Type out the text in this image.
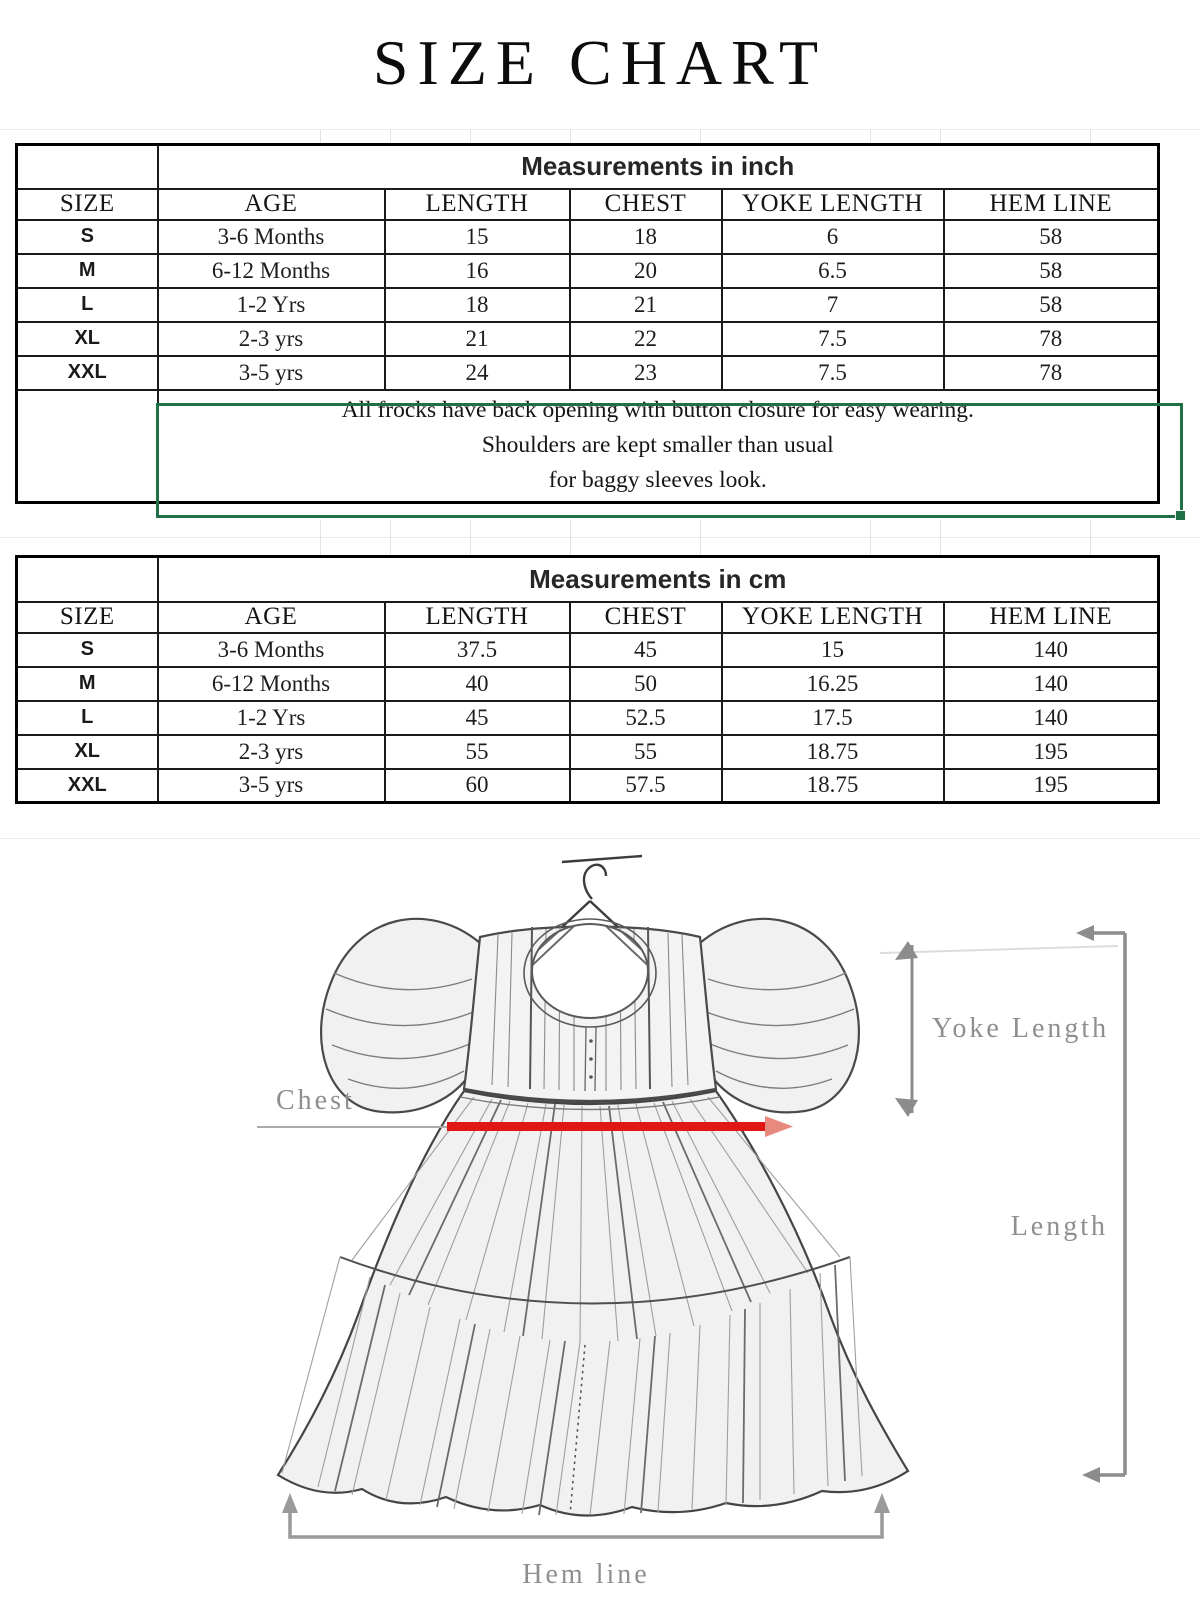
SIZE CHART
	Measurements in inch				
SIZE	AGE	LENGTH	CHEST	YOKE LENGTH	HEM LINE
S	3-6 Months	15	18	6	58
M	6-12 Months	16	20	6.5	58
L	1-2 Yrs	18	21	7	58
XL	2-3 yrs	21	22	7.5	78
XXL	3-5 yrs	24	23	7.5	78

	All frocks have back opening with button closure for easy wearing.
Shoulders are kept smaller than usual
for baggy sleeves look.				
	Measurements in cm				
SIZE	AGE	LENGTH	CHEST	YOKE LENGTH	HEM LINE
S	3-6 Months	37.5	45	15	140
M	6-12 Months	40	50	16.25	140
L	1-2 Yrs	45	52.5	17.5	140
XL	2-3 yrs	55	55	18.75	195
XXL	3-5 yrs	60	57.5	18.75	195
Chest
Yoke Length
Length
Hem line
